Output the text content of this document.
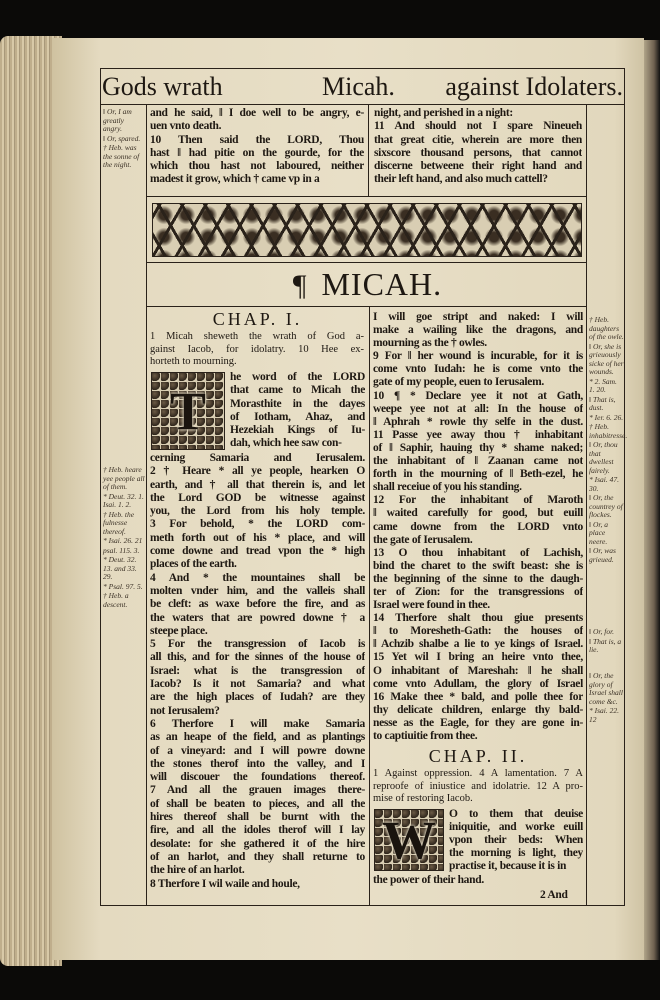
Gods wrath	Micah. against Idolaters.
‖ Or, I am greatly angry.
‖ Or, spared.
† Heb. was the sonne of the night.
and he said, ‖ I doe well to be angry, e-
uen vnto death.
10 Then said the LORD, Thou
hast ‖ had pitie on the gourde, for the
which thou hast not laboured, neither
madest it grow, which † came vp in a
night, and perished in a night:
11 And should not I spare Nineueh
that great citie, wherein are more then
sixscore thousand persons, that cannot
discerne betweene their right hand and
their left hand, and also much cattell?
¶ MICAH.
CHAP. I.
1 Micah sheweth the wrath of God a-
gainst Iacob, for idolatry. 10 Hee ex-
horteth to mourning.
T
he word of the LORD
that came to Micah the
Morasthite in the dayes
of Iotham, Ahaz, and
Hezekiah Kings of Iu-
dah, which hee saw con-
cerning Samaria and Ierusalem.
2 † Heare * all ye people, hearken O
earth, and † all that therein is, and let
the Lord GOD be witnesse against
you, the Lord from his holy temple.
3 For behold, * the LORD com-
meth forth out of his * place, and will
come downe and tread vpon the * high
places of the earth.
4 And * the mountaines shall be
molten vnder him, and the valleis shall
be cleft: as waxe before the fire, and as
the waters that are powred downe † a
steepe place.
5 For the transgression of Iacob is
all this, and for the sinnes of the house of
Israel: what is the transgression of
Iacob? Is it not Samaria? and what
are the high places of Iudah? are they
not Ierusalem?
6 Therfore I will make Samaria
as an heape of the field, and as plantings
of a vineyard: and I will powre downe
the stones therof into the valley, and I
will discouer the foundations thereof.
7 And all the grauen images there-
of shall be beaten to pieces, and all the
hires thereof shall be burnt with the
fire, and all the idoles therof will I lay
desolate: for she gathered it of the hire
of an harlot, and they shall returne to
the hire of an harlot.
8 Therfore I wil waile and houle,
† Heb. heare yee people all of them.
* Deut. 32. 1. Isai. 1. 2.
† Heb. the fulnesse thereof.
* Isai. 26. 21
psal. 115. 3.
* Deut. 32. 13. and 33. 29.
* Psal. 97. 5.
† Heb. a descent.
I will goe stript and naked: I will
make a wailing like the dragons, and
mourning as the † owles.
9 For ‖ her wound is incurable, for it is
come vnto Iudah: he is come vnto the
gate of my people, euen to Ierusalem.
10 ¶ * Declare yee it not at Gath,
weepe yee not at all: In the house of
‖ Aphrah * rowle thy selfe in the dust.
11 Passe yee away thou † inhabitant
of ‖ Saphir, hauing thy * shame naked;
the inhabitant of ‖ Zaanan came not
forth in the mourning of ‖ Beth-ezel, he
shall receiue of you his standing.
12 For the inhabitant of Maroth
‖ waited carefully for good, but euill
came downe from the LORD vnto
the gate of Ierusalem.
13 O thou inhabitant of Lachish,
bind the charet to the swift beast: she is
the beginning of the sinne to the daugh-
ter of Zion: for the transgressions of
Israel were found in thee.
14 Therfore shalt thou giue presents
‖ to Moresheth-Gath: the houses of
‖ Achzib shalbe a lie to ye kings of Israel.
15 Yet wil I bring an heire vnto thee,
O inhabitant of Mareshah: ‖ he shall
come vnto Adullam, the glory of Israel
16 Make thee * bald, and polle thee for
thy delicate children, enlarge thy bald-
nesse as the Eagle, for they are gone in-
to captiuitie from thee.
CHAP. II.
1 Against oppression. 4 A lamentation. 7 A
reproofe of iniustice and idolatrie. 12 A pro-
mise of restoring Iacob.
W	O to them that deuise
iniquitie, and worke euill
vpon their beds: When
the morning is light, they
practise it, because it is in
the power of their hand.
2 And
† Heb. daughters of the owle.
‖ Or, she is grieuously sicke of her wounds.
* 2. Sam. 1. 20.
‖ That is, dust.
* Ier. 6. 26.
† Heb. inhabitresse.
‖ Or, thou that dwellest fairely.
* Isai. 47. 30.
‖ Or, the countrey of flockes.
‖ Or, a place neere.
‖ Or, was grieued.
‖ Or, for.
‖ That is, a lie.
‖ Or, the glory of Israel shall come &c.
* Isai. 22. 12
